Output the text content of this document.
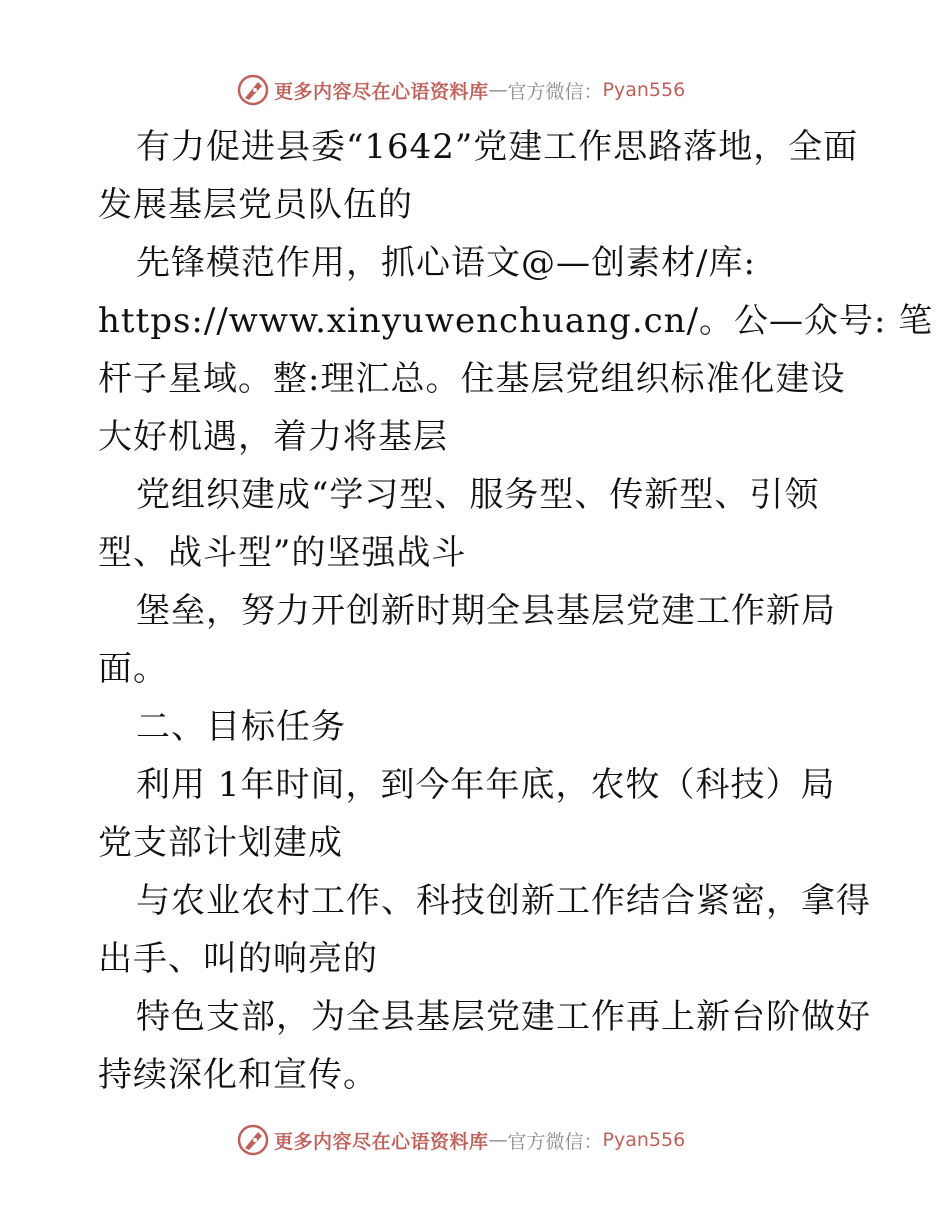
更多内容尽在心语资料库 — 官方微信： Pyan556
有力促进县委“1642”党建工作思路落地，全面
发展基层党员队伍的
先锋模范作用，抓心语文@—创素材/库:
https://www.xinyuwenchuang.cn/。公—众号: 笔
杆子星域。整:理汇总。住基层党组织标准化建设
大好机遇，着力将基层
党组织建成“学习型、服务型、传新型、引领
型、战斗型”的坚强战斗
堡垒，努力开创新时期全县基层党建工作新局
面。
二、目标任务
利用 1年时间，到今年年底，农牧（科技）局
党支部计划建成
与农业农村工作、科技创新工作结合紧密，拿得
出手、叫的响亮的
特色支部，为全县基层党建工作再上新台阶做好
持续深化和宣传。
更多内容尽在心语资料库 — 官方微信： Pyan556
